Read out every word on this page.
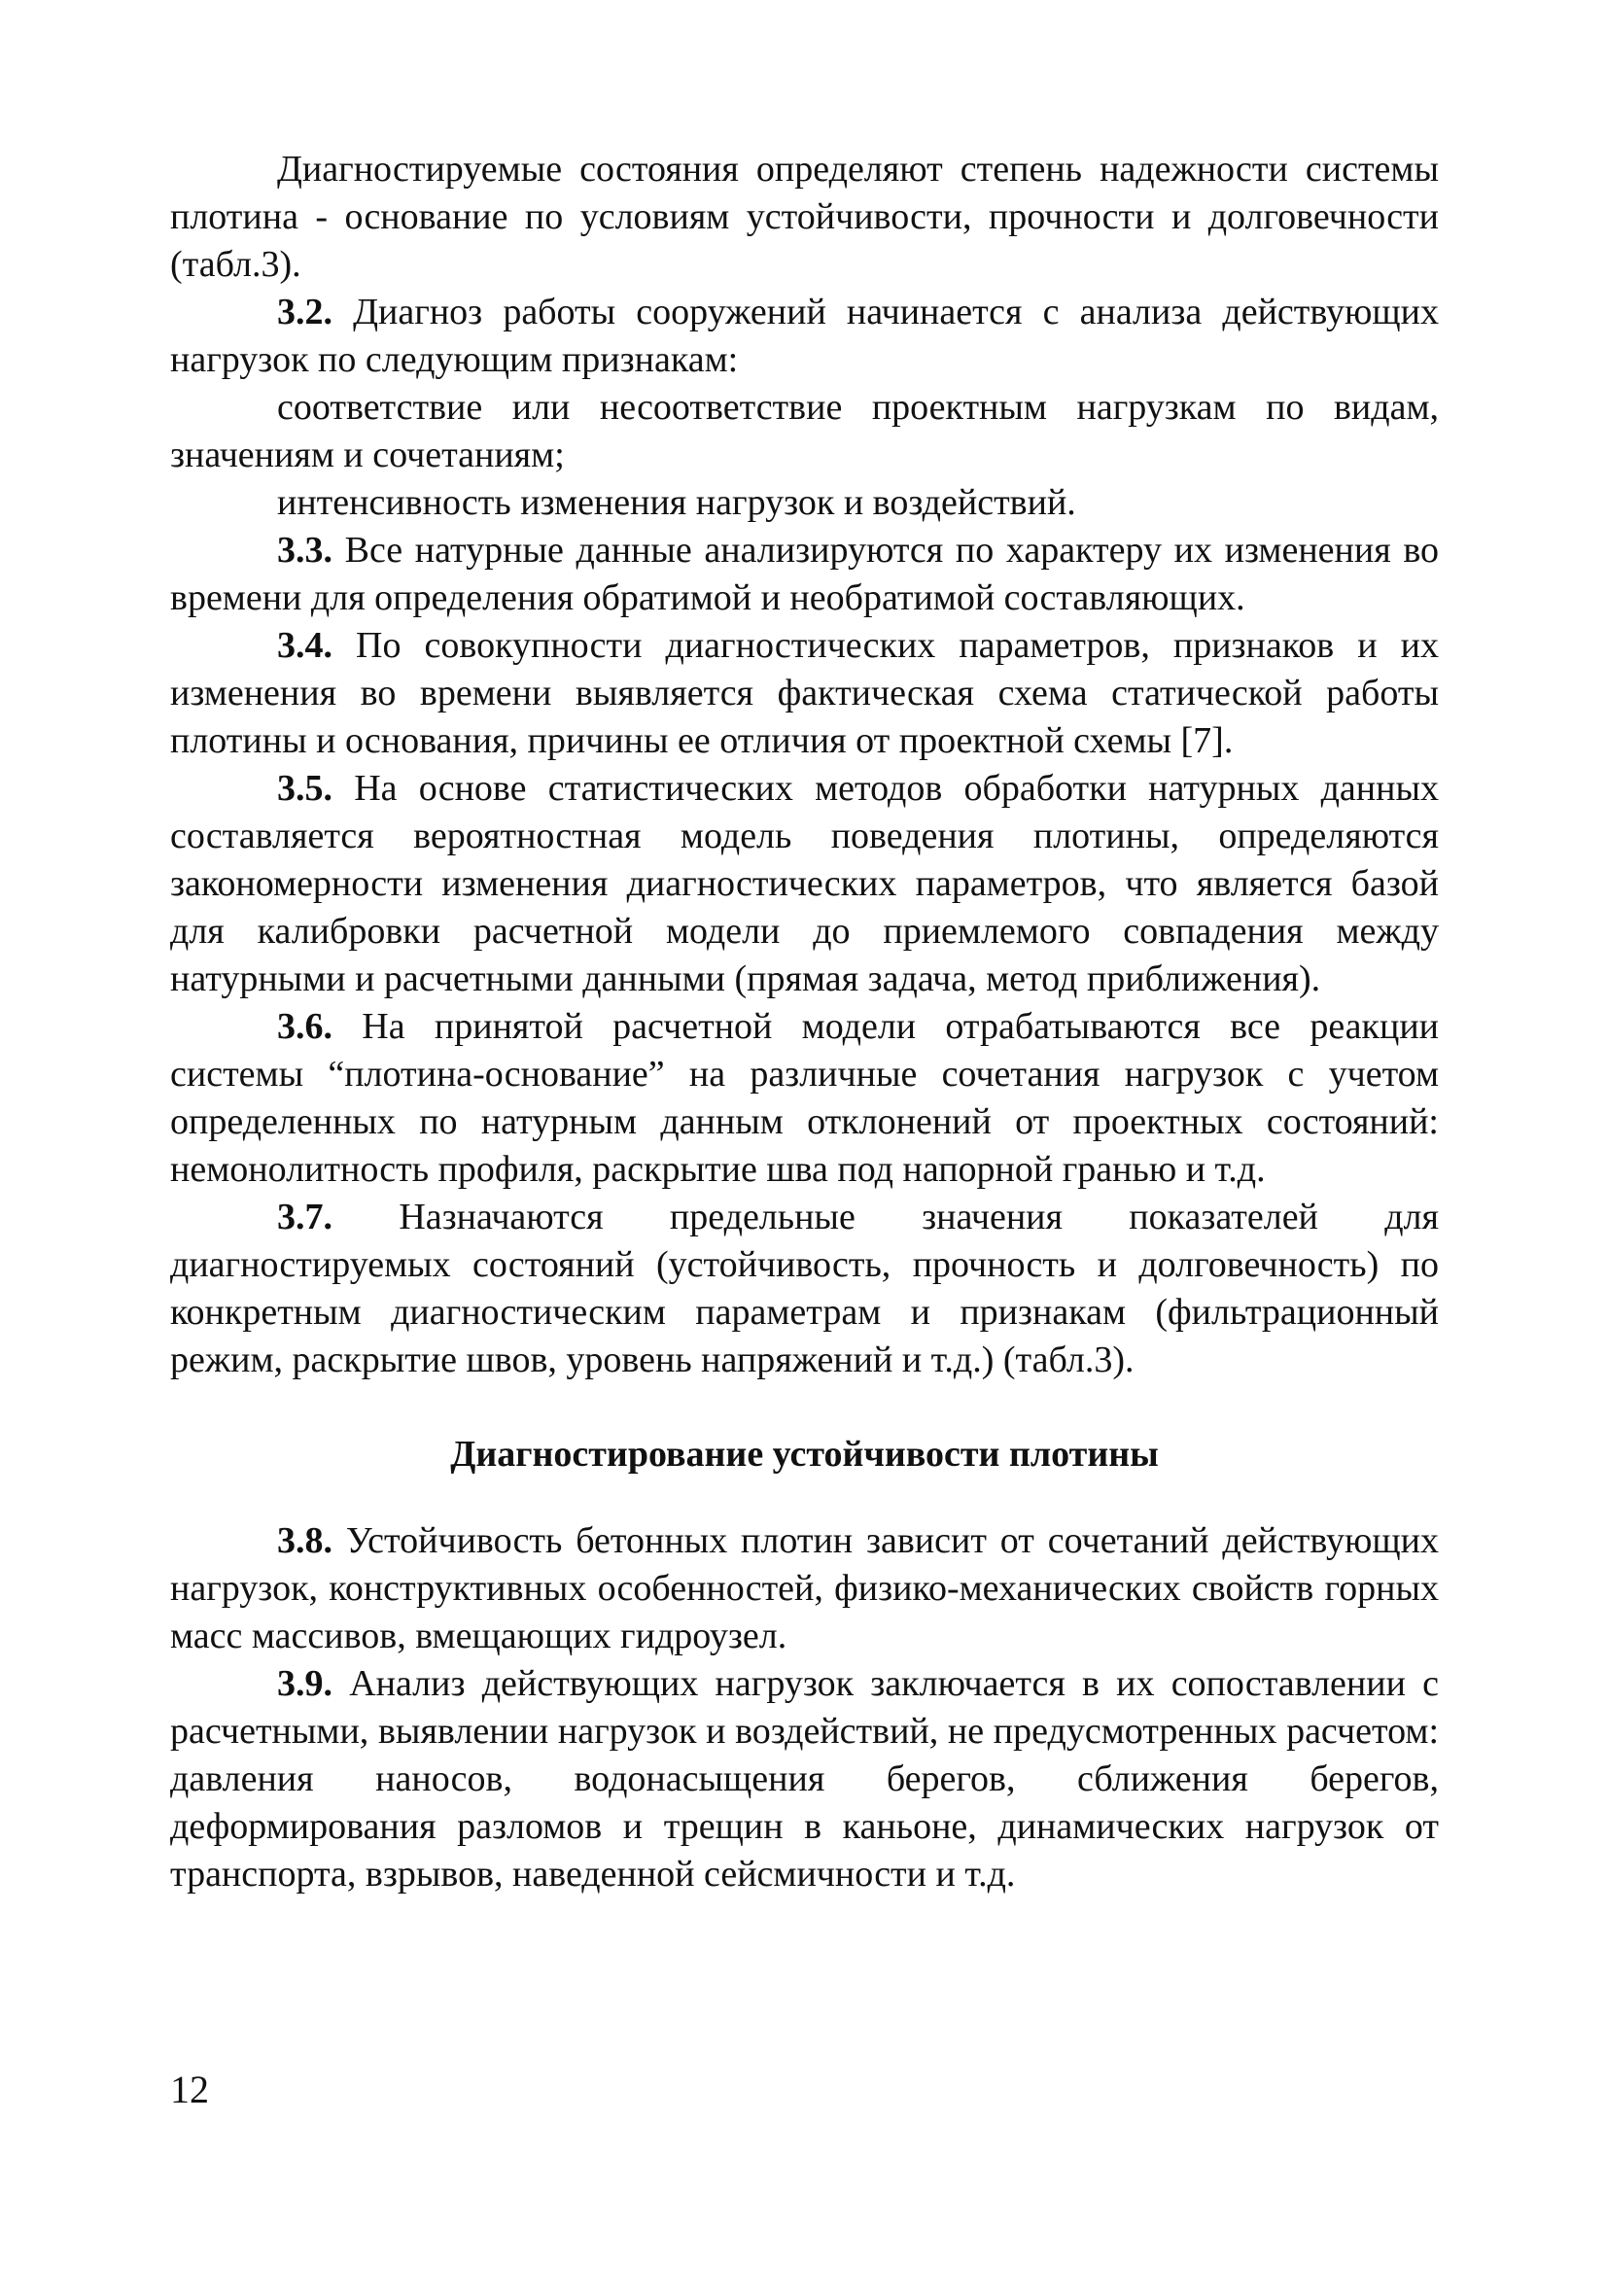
Диагностируемые состояния определяют степень надежности системы плотина - основание по условиям устойчивости, прочности и долговечности (табл.3).

3.2. Диагноз работы сооружений начинается с анализа действующих нагрузок по следующим признакам:

соответствие или несоответствие проектным нагрузкам по видам, значениям и сочетаниям;

интенсивность изменения нагрузок и воздействий.

3.3. Все натурные данные анализируются по характеру их изменения во времени для определения обратимой и необратимой составляющих.

3.4. По совокупности диагностических параметров, признаков и их изменения во времени выявляется фактическая схема статической работы плотины и основания, причины ее отличия от проектной схемы [7].

3.5. На основе статистических методов обработки натурных данных составляется вероятностная модель поведения плотины, определяются закономерности изменения диагностических параметров, что является базой для калибровки расчетной модели до приемлемого совпадения между натурными и расчетными данными (прямая задача, метод приближения).

3.6. На принятой расчетной модели отрабатываются все реакции системы “плотина-основание” на различные сочетания нагрузок с учетом определенных по натурным данным отклонений от проектных состояний: немонолитность профиля, раскрытие шва под напорной гранью и т.д.

3.7. Назначаются предельные значения показателей для диагностируемых состояний (устойчивость, прочность и долговечность) по конкретным диагностическим параметрам и признакам (фильтрационный режим, раскрытие швов, уровень напряжений и т.д.) (табл.3).

Диагностирование устойчивости плотины

3.8. Устойчивость бетонных плотин зависит от сочетаний действующих нагрузок, конструктивных особенностей, физико-механических свойств горных масс массивов, вмещающих гидроузел.

3.9. Анализ действующих нагрузок заключается в их сопоставлении с расчетными, выявлении нагрузок и воздействий, не предусмотренных расчетом: давления наносов, водонасыщения берегов, сближения берегов, деформирования разломов и трещин в каньоне, динамических нагрузок от транспорта, взрывов, наведенной сейсмичности и т.д.

12
